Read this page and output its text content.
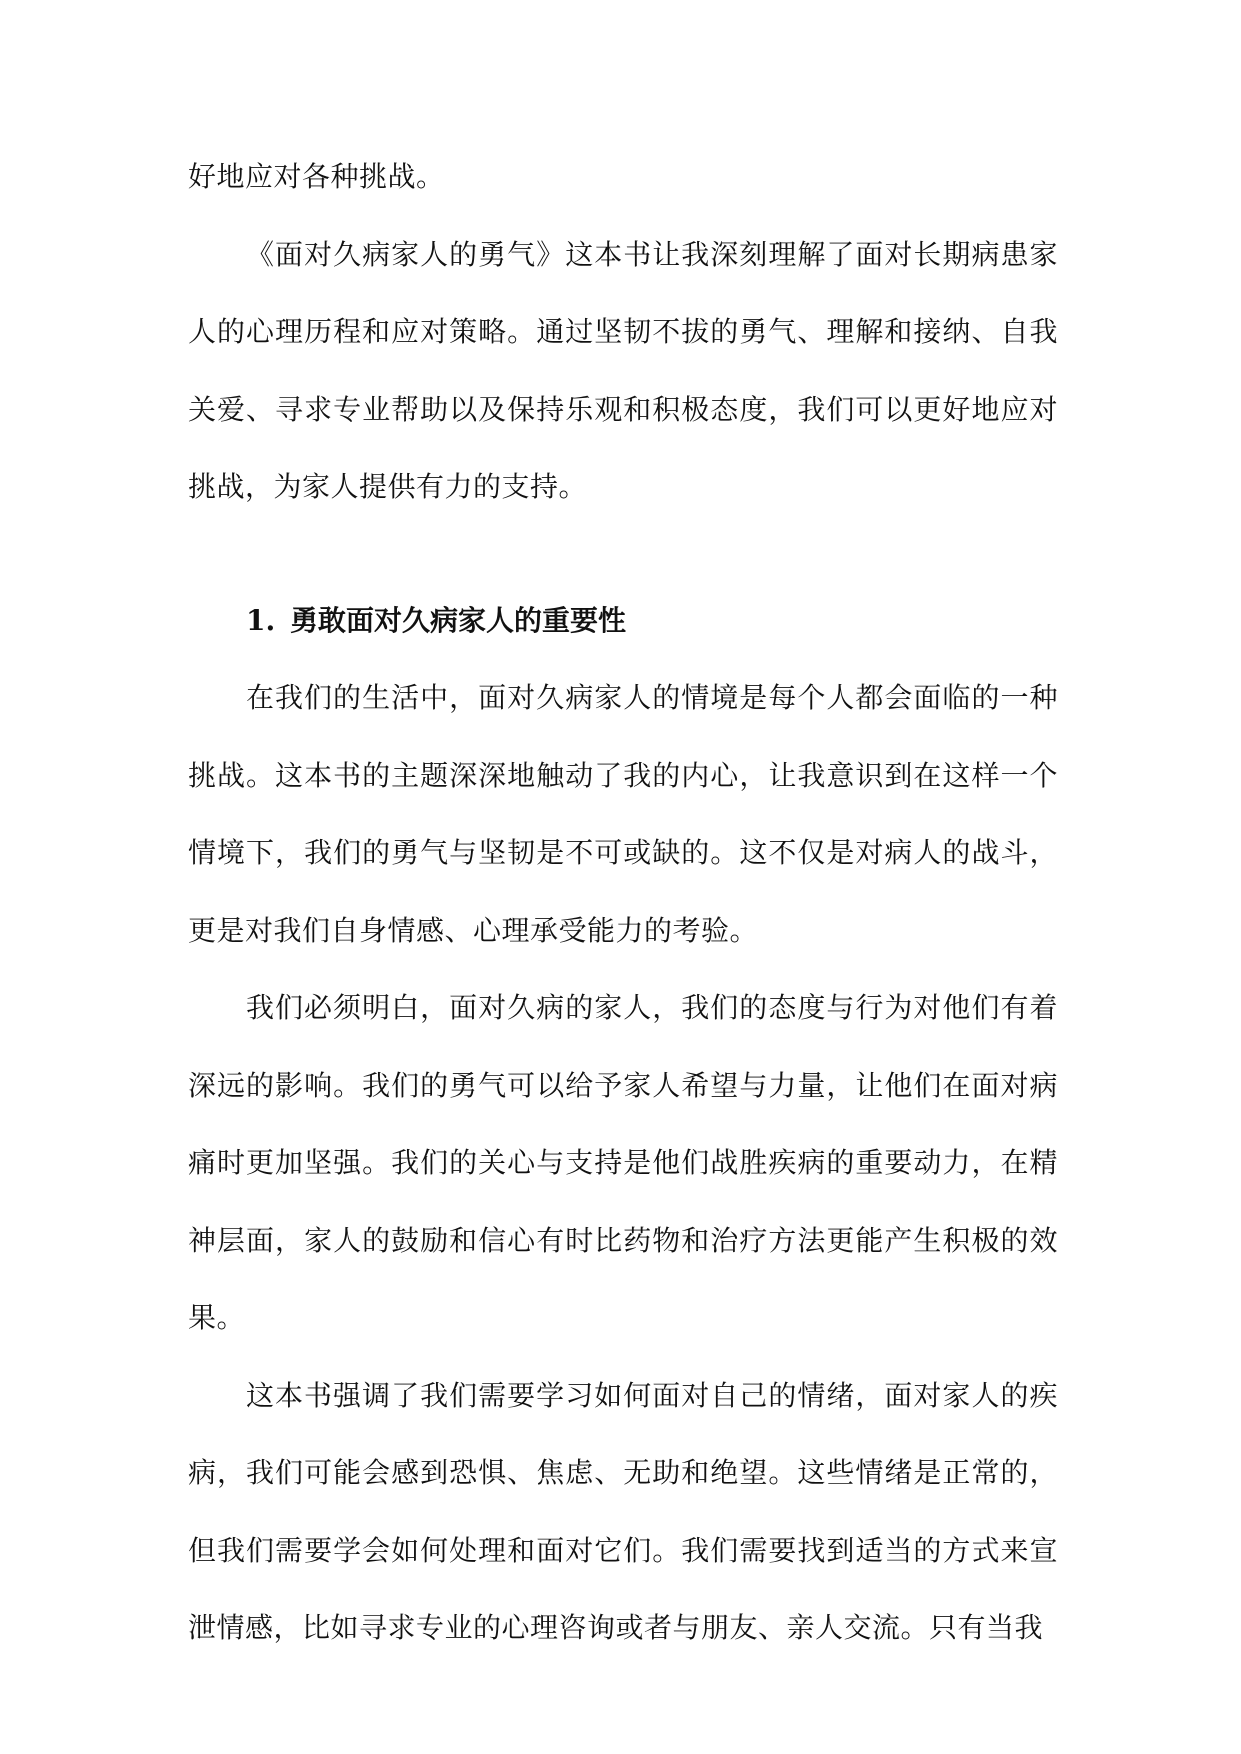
好地应对各种挑战。

《面对久病家人的勇气》这本书让我深刻理解了面对长期病患家人的心理历程和应对策略。通过坚韧不拔的勇气、理解和接纳、自我关爱、寻求专业帮助以及保持乐观和积极态度，我们可以更好地应对挑战，为家人提供有力的支持。

1. 勇敢面对久病家人的重要性

在我们的生活中，面对久病家人的情境是每个人都会面临的一种挑战。这本书的主题深深地触动了我的内心，让我意识到在这样一个情境下，我们的勇气与坚韧是不可或缺的。这不仅是对病人的战斗，更是对我们自身情感、心理承受能力的考验。

我们必须明白，面对久病的家人，我们的态度与行为对他们有着深远的影响。我们的勇气可以给予家人希望与力量，让他们在面对病痛时更加坚强。我们的关心与支持是他们战胜疾病的重要动力，在精神层面，家人的鼓励和信心有时比药物和治疗方法更能产生积极的效果。

这本书强调了我们需要学习如何面对自己的情绪，面对家人的疾病，我们可能会感到恐惧、焦虑、无助和绝望。这些情绪是正常的，但我们需要学会如何处理和面对它们。我们需要找到适当的方式来宣泄情感，比如寻求专业的心理咨询或者与朋友、亲人交流。只有当我
